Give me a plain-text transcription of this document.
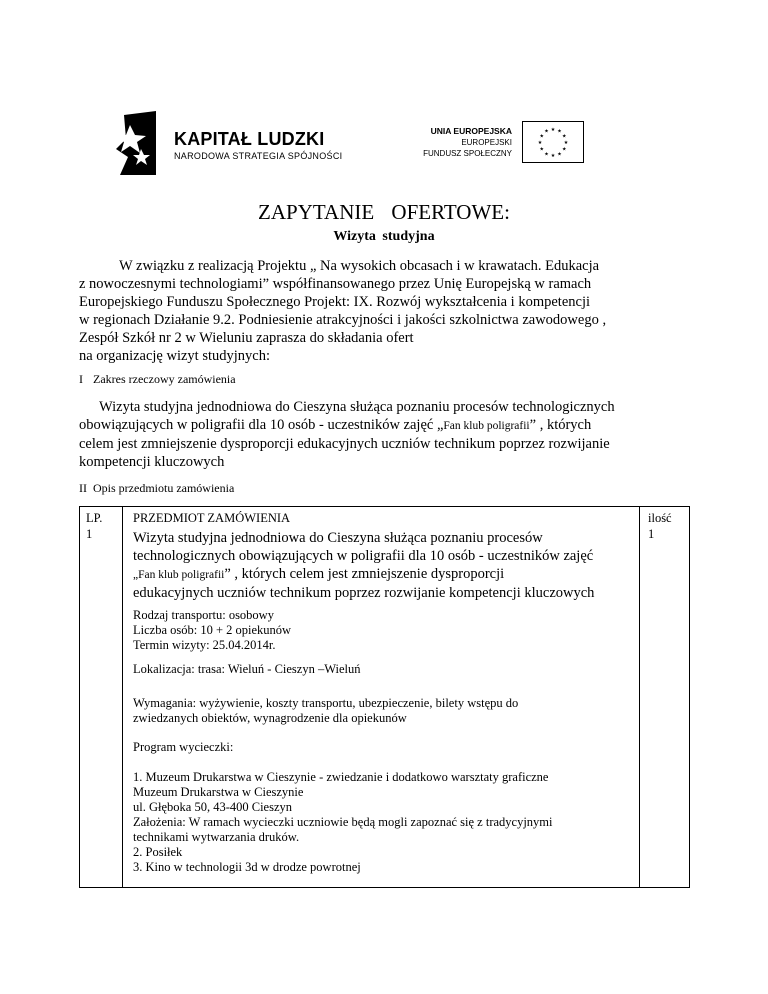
KAPITAŁ LUDZKI
NARODOWA STRATEGIA SPÓJNOŚCI
UNIA EUROPEJSKA
EUROPEJSKI
FUNDUSZ SPOŁECZNY
★ ★
★
★
★
★
★
★
★
★
★
★
ZAPYTANIE OFERTOWE:
Wizyta studyjna
W związku z realizacją Projektu „ Na wysokich obcasach i w krawatach. Edukacja
z nowoczesnymi technologiami” współfinansowanego przez Unię Europejską w ramach
Europejskiego Funduszu Społecznego Projekt: IX. Rozwój wykształcenia i kompetencji
w regionach Działanie 9.2. Podniesienie atrakcyjności i jakości szkolnictwa zawodowego ,
Zespół Szkół nr 2 w Wieluniu zaprasza do składania ofert
na organizację wizyt studyjnych:
I Zakres rzeczowy zamówienia
Wizyta studyjna jednodniowa do Cieszyna służąca poznaniu procesów technologicznych
obowiązujących w poligrafii dla 10 osób - uczestników zajęć „Fan klub poligrafii” , których
celem jest zmniejszenie dysproporcji edukacyjnych uczniów technikum poprzez rozwijanie
kompetencji kluczowych
II Opis przedmiotu zamówienia
LP. PRZEDMIOT ZAMÓWIENIA	ilość
1	1
Wizyta studyjna jednodniowa do Cieszyna służąca poznaniu procesów
technologicznych obowiązujących w poligrafii dla 10 osób - uczestników zajęć
„Fan klub poligrafii” , których celem jest zmniejszenie dysproporcji
edukacyjnych uczniów technikum poprzez rozwijanie kompetencji kluczowych
Rodzaj transportu: osobowy
Liczba osób: 10 + 2 opiekunów
Termin wizyty: 25.04.2014r.
Lokalizacja: trasa: Wieluń - Cieszyn –Wieluń
Wymagania: wyżywienie, koszty transportu, ubezpieczenie, bilety wstępu do
zwiedzanych obiektów, wynagrodzenie dla opiekunów
Program wycieczki:
1. Muzeum Drukarstwa w Cieszynie - zwiedzanie i dodatkowo warsztaty graficzne
Muzeum Drukarstwa w Cieszynie
ul. Głęboka 50, 43-400 Cieszyn
Założenia: W ramach wycieczki uczniowie będą mogli zapoznać się z tradycyjnymi
technikami wytwarzania druków.
2. Posiłek
3. Kino w technologii 3d w drodze powrotnej
